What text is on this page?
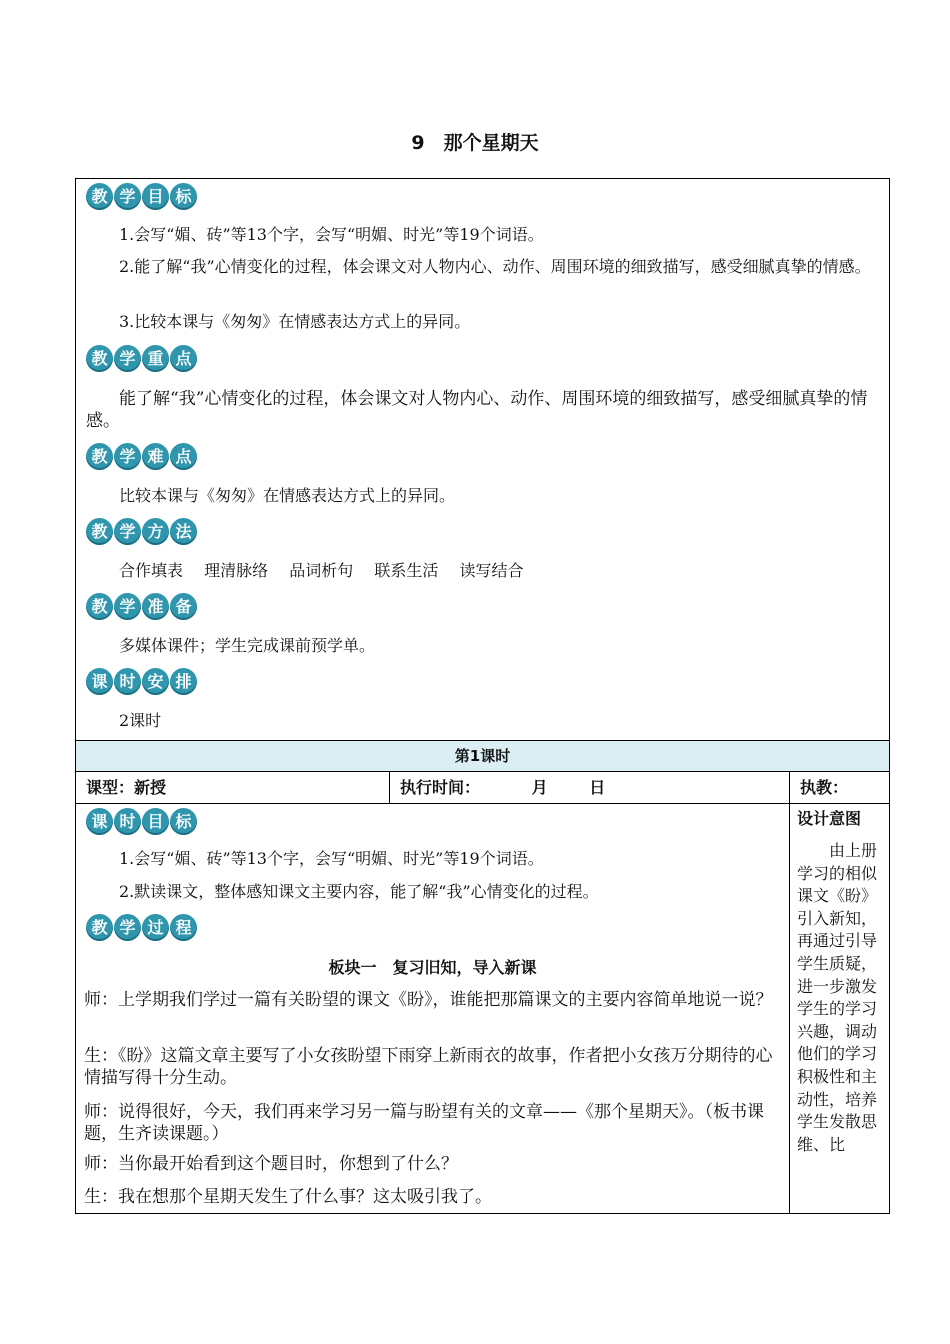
9　那个星期天
教 学 目 标
1.会写“媚、砖”等13个字，会写“明媚、时光”等19个词语。
2.能了解“我”心情变化的过程，体会课文对人物内心、动作、周围环境的细致描写，感受细腻真挚的情感。
3.比较本课与《匆匆》在情感表达方式上的异同。
教 学 重 点
能了解“我”心情变化的过程，体会课文对人物内心、动作、周围环境的细致描写，感受细腻真挚的情感。
教 学 难 点
比较本课与《匆匆》在情感表达方式上的异同。
教 学 方 法
合作填表  理清脉络  品词析句  联系生活  读写结合
教 学 准 备
多媒体课件；学生完成课前预学单。
课 时 安 排
2课时
第1课时
课型：新授	执行时间：	月	日	执教：
课 时 目 标
1.会写“媚、砖”等13个字，会写“明媚、时光”等19个词语。
2.默读课文，整体感知课文主要内容，能了解“我”心情变化的过程。
教 学 过 程
师：上学期我们学过一篇有关盼望的课文《盼》，谁能把那篇课文的主要内容简单地说一说？
生：《盼》这篇文章主要写了小女孩盼望下雨穿上新雨衣的故事，作者把小女孩万分期待的心情描写得十分生动。
师：说得很好，今天，我们再来学习另一篇与盼望有关的文章——《那个星期天》。（板书课题，生齐读课题。）
师：当你最开始看到这个题目时，你想到了什么？
生：我在想那个星期天发生了什么事？这太吸引我了。
板块一　复习旧知，导入新课
设计意图
由上册学习的相似课文《盼》引入新知，再通过引导学生质疑，进一步激发学生的学习兴趣，调动他们的学习积极性和主动性，培养学生发散思维、比
